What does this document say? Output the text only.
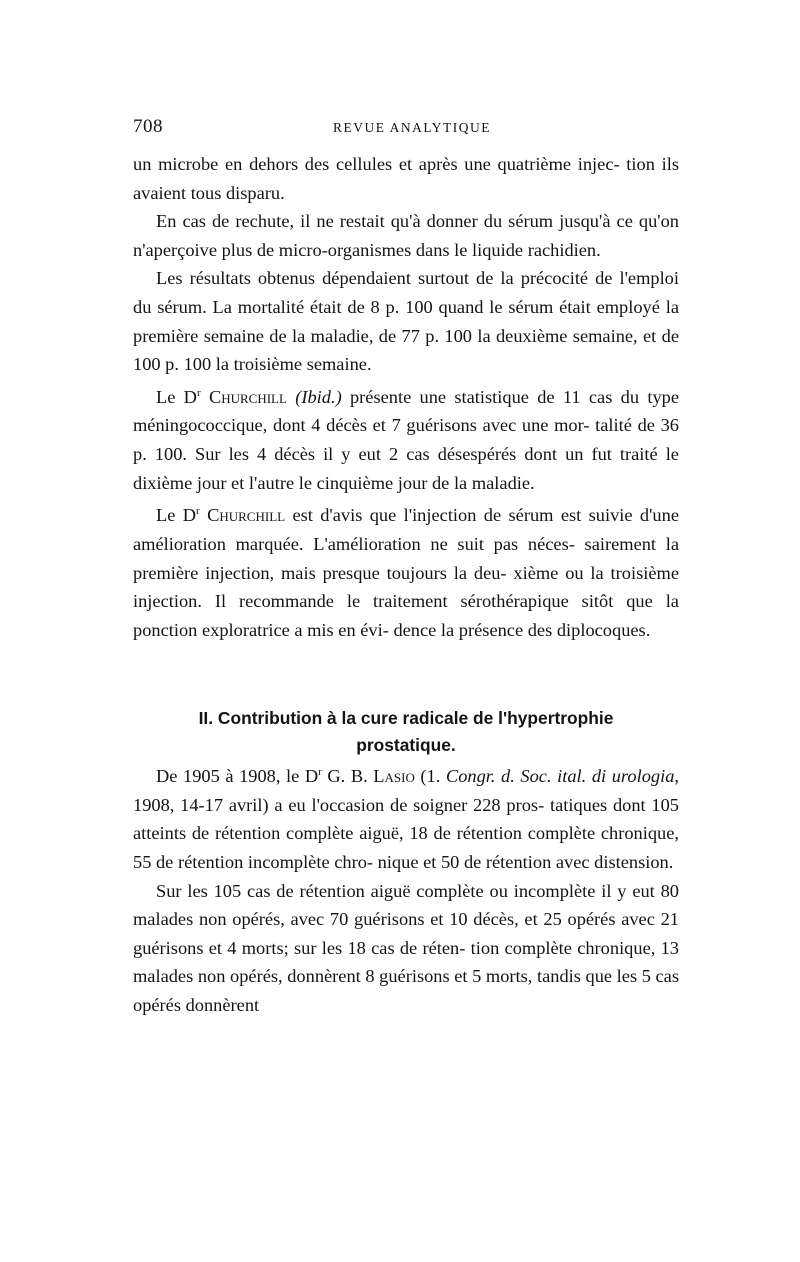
708	REVUE ANALYTIQUE

un microbe en dehors des cellules et après une quatrième injec- tion ils avaient tous disparu.

En cas de rechute, il ne restait qu'à donner du sérum jusqu'à ce qu'on n'aperçoive plus de micro-organismes dans le liquide rachidien.

Les résultats obtenus dépendaient surtout de la précocité de l'emploi du sérum. La mortalité était de 8 p. 100 quand le sérum était employé la première semaine de la maladie, de 77 p. 100 la deuxième semaine, et de 100 p. 100 la troisième semaine.

Le $D^r$ Churchill (Ibid.) présente une statistique de 11 cas du type méningococcique, dont 4 décès et 7 guérisons avec une mor- talité de 36 p. 100. Sur les 4 décès il y eut 2 cas désespérés dont un fut traité le dixième jour et l'autre le cinquième jour de la maladie.

Le $D^r$ Churchill est d'avis que l'injection de sérum est suivie d'une amélioration marquée. L'amélioration ne suit pas néces- sairement la première injection, mais presque toujours la deu- xième ou la troisième injection. Il recommande le traitement sérothérapique sitôt que la ponction exploratrice a mis en évi- dence la présence des diplocoques.

II. Contribution à la cure radicale de l'hypertrophie
prostatique.

De 1905 à 1908, le $D^r$ G. B. Lasio (1. Congr. d. Soc. ital. di urologia, 1908, 14-17 avril) a eu l'occasion de soigner 228 pros- tatiques dont 105 atteints de rétention complète aiguë, 18 de rétention complète chronique, 55 de rétention incomplète chro- nique et 50 de rétention avec distension.

Sur les 105 cas de rétention aiguë complète ou incomplète il y eut 80 malades non opérés, avec 70 guérisons et 10 décès, et 25 opérés avec 21 guérisons et 4 morts; sur les 18 cas de réten- tion complète chronique, 13 malades non opérés, donnèrent 8 guérisons et 5 morts, tandis que les 5 cas opérés donnèrent
